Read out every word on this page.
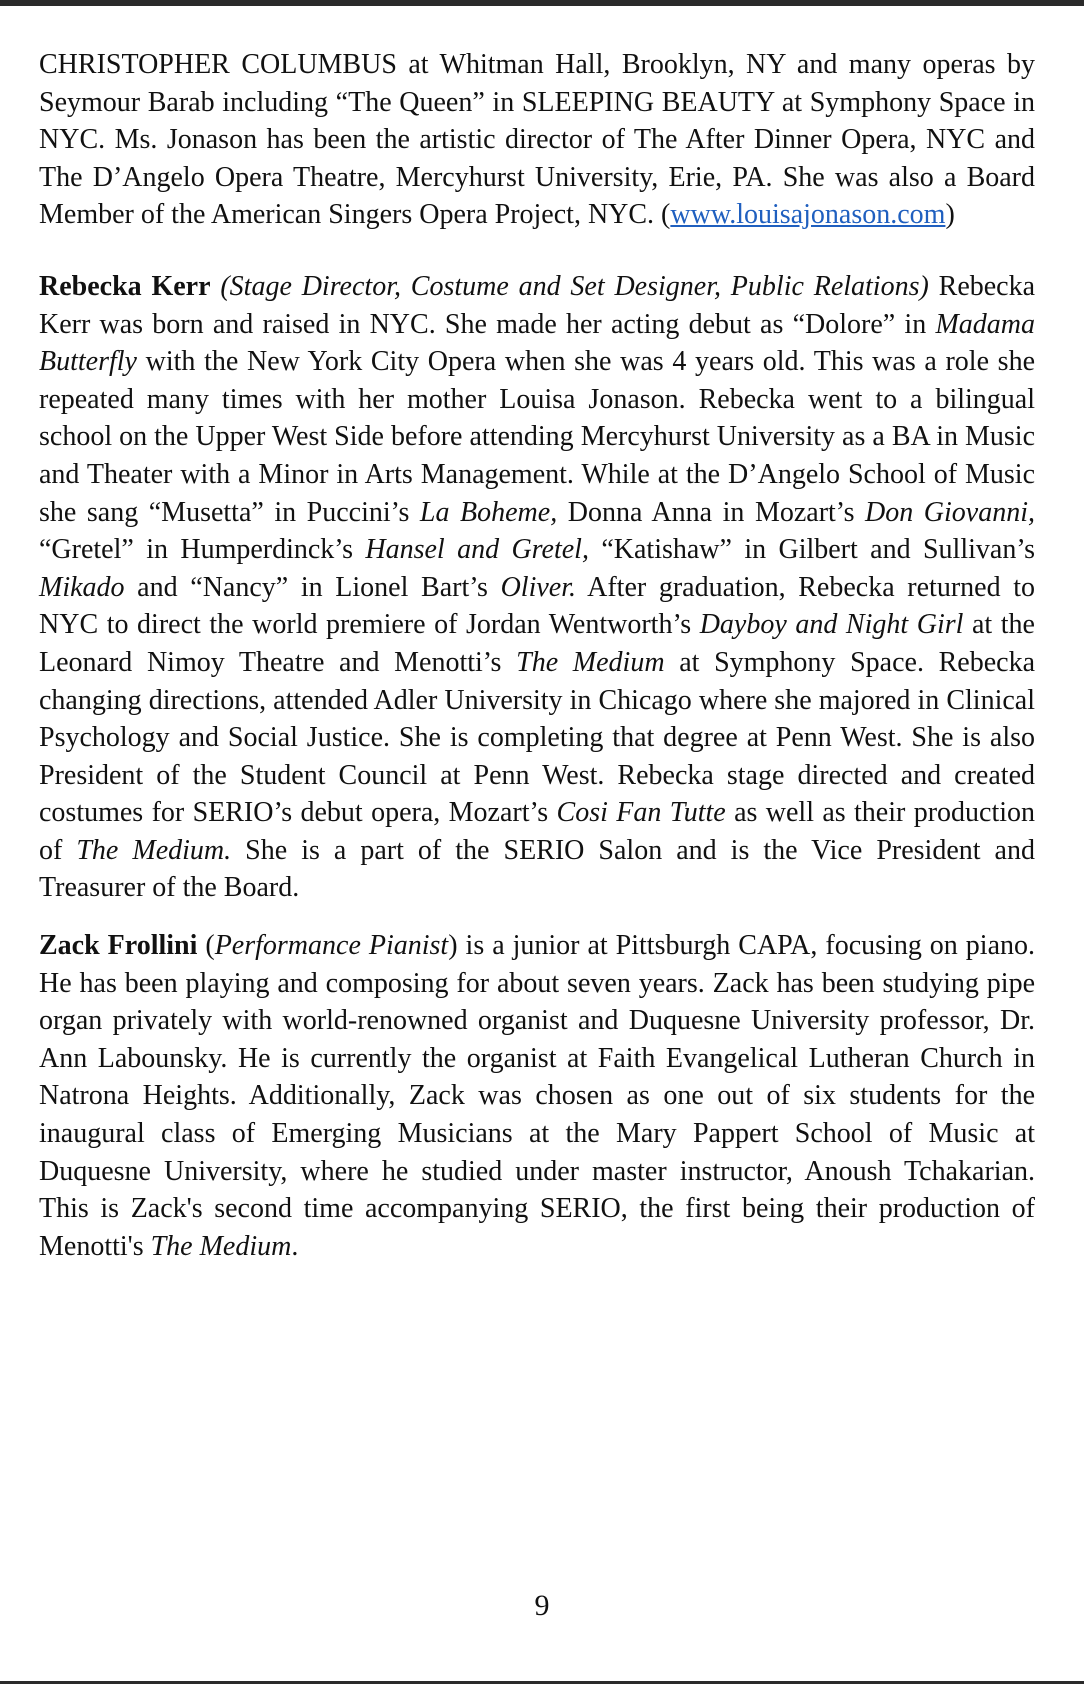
CHRISTOPHER COLUMBUS at Whitman Hall, Brooklyn, NY and many operas by Seymour Barab including “The Queen” in SLEEPING BEAUTY at Symphony Space in NYC. Ms. Jonason has been the artistic director of The After Dinner Opera, NYC and The D’Angelo Opera Theatre, Mercyhurst University, Erie, PA. She was also a Board Member of the American Singers Opera Project, NYC. (www.louisajonason.com)

Rebecka Kerr (Stage Director, Costume and Set Designer, Public Relations) Rebecka Kerr was born and raised in NYC. She made her acting debut as “Dolore” in Madama Butterfly with the New York City Opera when she was 4 years old. This was a role she repeated many times with her mother Louisa Jonason. Rebecka went to a bilingual school on the Upper West Side before attending Mercyhurst University as a BA in Music and Theater with a Minor in Arts Management. While at the D’Angelo School of Music she sang “Musetta” in Puccini’s La Boheme, Donna Anna in Mozart’s Don Giovanni, “Gretel” in Humperdinck’s Hansel and Gretel, “Katishaw” in Gilbert and Sullivan’s Mikado and “Nancy” in Lionel Bart’s Oliver. After graduation, Rebecka returned to NYC to direct the world premiere of Jordan Wentworth’s Dayboy and Night Girl at the Leonard Nimoy Theatre and Menotti’s The Medium at Symphony Space. Rebecka changing directions, attended Adler University in Chicago where she majored in Clinical Psychology and Social Justice. She is completing that degree at Penn West. She is also President of the Student Council at Penn West. Rebecka stage directed and created costumes for SERIO’s debut opera, Mozart’s Cosi Fan Tutte as well as their production of The Medium. She is a part of the SERIO Salon and is the Vice President and Treasurer of the Board.

Zack Frollini (Performance Pianist) is a junior at Pittsburgh CAPA, focusing on piano. He has been playing and composing for about seven years. Zack has been studying pipe organ privately with world-renowned organist and Duquesne University professor, Dr. Ann Labounsky. He is currently the organist at Faith Evangelical Lutheran Church in Natrona Heights. Additionally, Zack was chosen as one out of six students for the inaugural class of Emerging Musicians at the Mary Pappert School of Music at Duquesne University, where he studied under master instructor, Anoush Tchakarian. This is Zack's second time accompanying SERIO, the first being their production of Menotti's The Medium.

9
